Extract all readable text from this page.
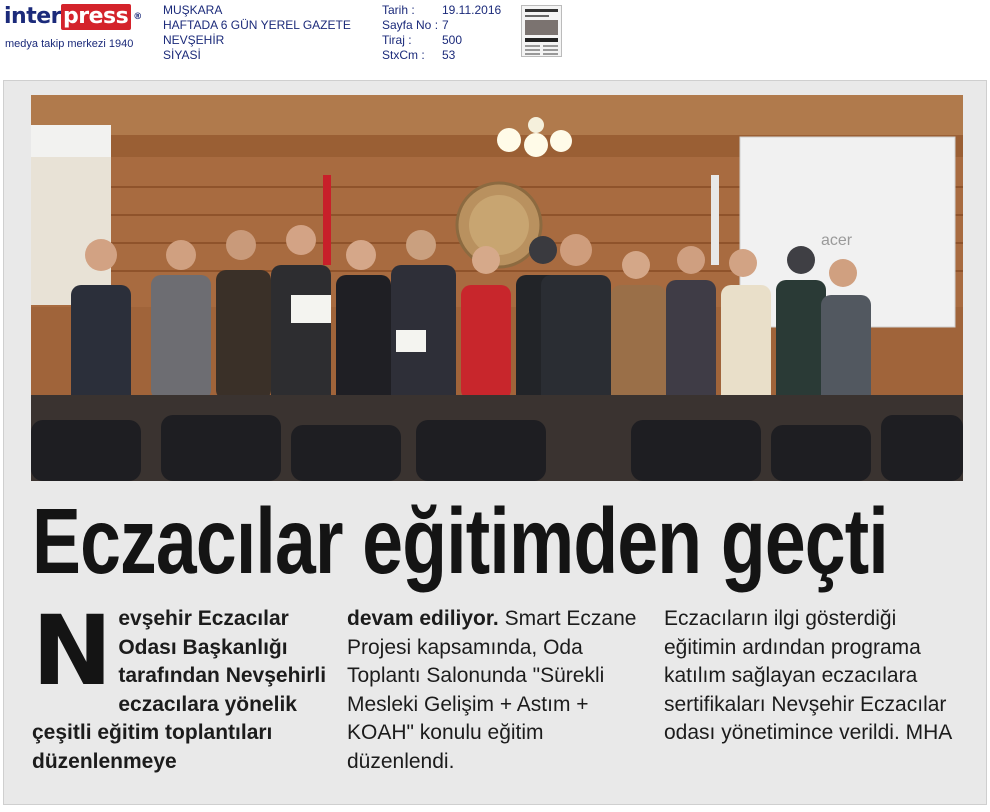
interpress ®
medya takip merkezi 1940
MUŞKARA
HAFTADA 6 GÜN YEREL GAZETE
NEVŞEHİR
SİYASİ
Tarih :	19.11.2016
Sayfa No : 7
Tiraj :	500
StxCm :	53
acer
Eczacılar eğitimden geçti
Nevşehir Eczacılar Odası Başkanlığı tarafından Nevşehirli eczacılara yönelik çeşitli eğitim toplantıları düzenlenmeye
devam ediliyor. Smart Eczane Projesi kapsamında, Oda Toplantı Salonunda "Sürekli Mesleki Gelişim + Astım + KOAH" konulu eğitim düzenlendi.
Eczacıların ilgi gösterdiği eğitimin ardından programa katılım sağlayan eczacılara sertifikaları Nevşehir Eczacılar odası yönetimince verildi. MHA
